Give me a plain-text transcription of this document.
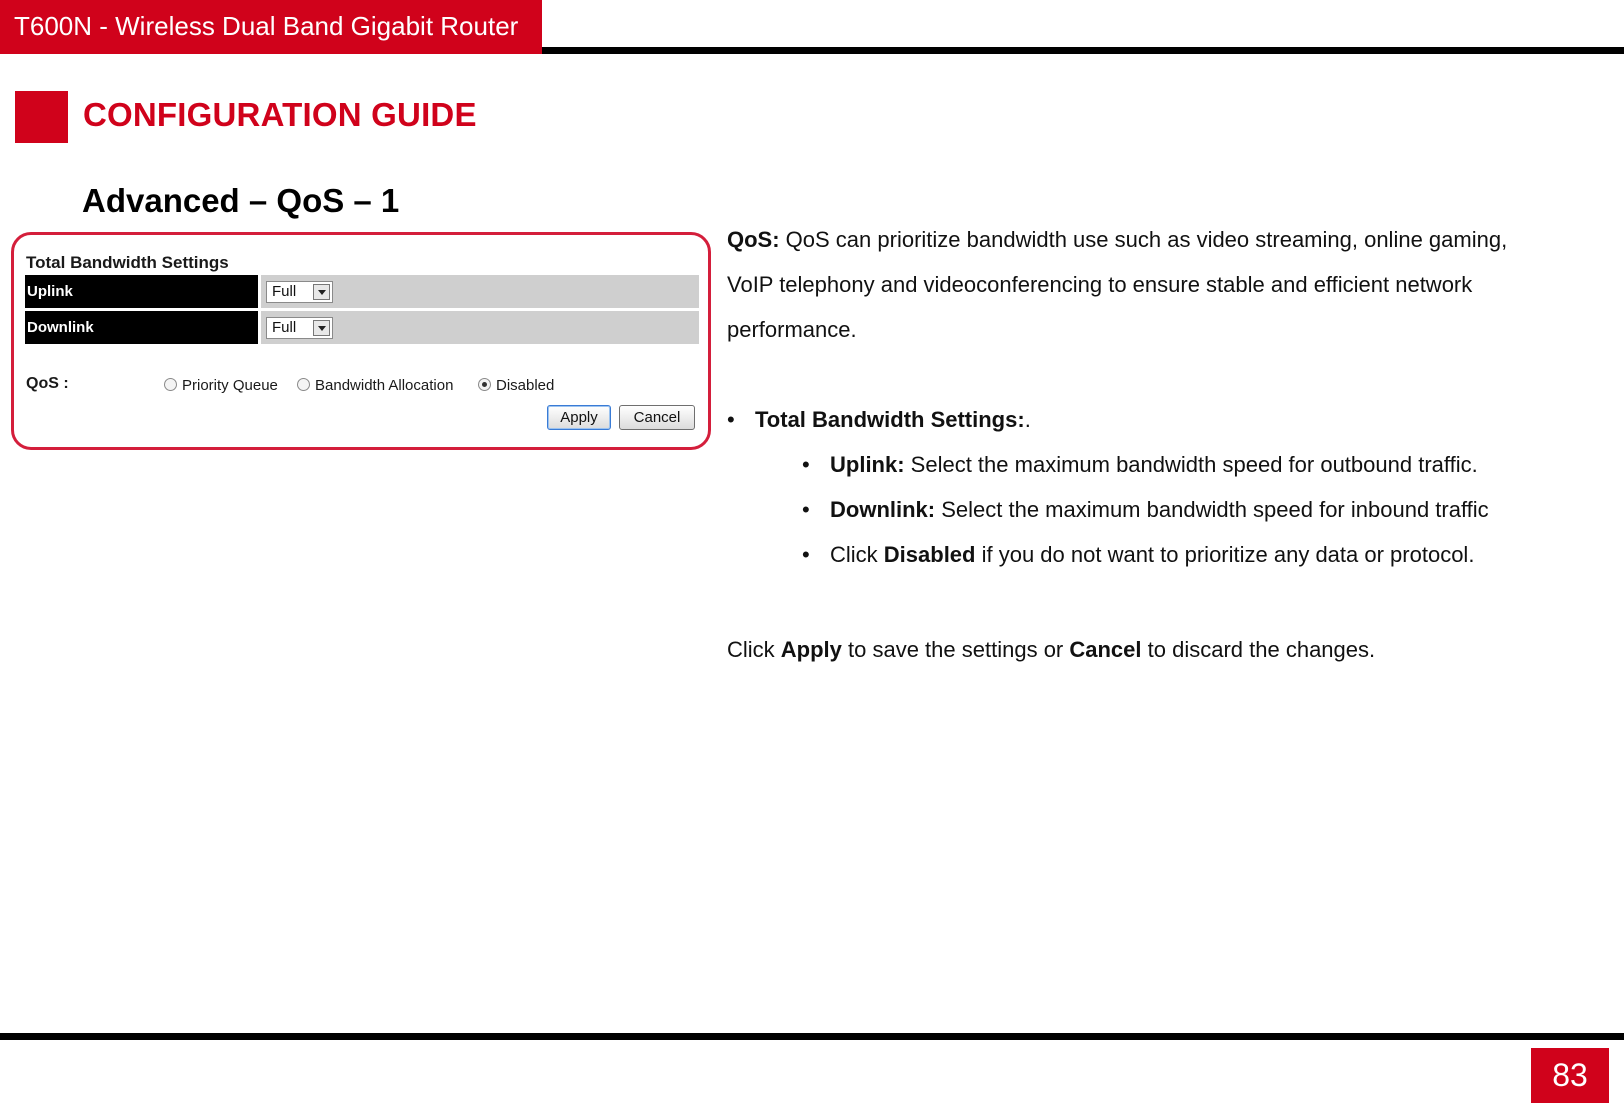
T600N - Wireless Dual Band Gigabit Router
CONFIGURATION GUIDE
Advanced – QoS – 1
Total Bandwidth Settings
Uplink	Full
Downlink	Full
QoS :	Priority Queue Bandwidth Allocation	Disabled
Apply	Cancel
QoS: QoS can prioritize bandwidth use such as video streaming, online gaming,
VoIP telephony and videoconferencing to ensure stable and efficient network
performance.
• Total Bandwidth Settings:.
• Uplink: Select the maximum bandwidth speed for outbound traffic.
• Downlink: Select the maximum bandwidth speed for inbound traffic
• Click Disabled if you do not want to prioritize any data or protocol.
Click Apply to save the settings or Cancel to discard the changes.
83
